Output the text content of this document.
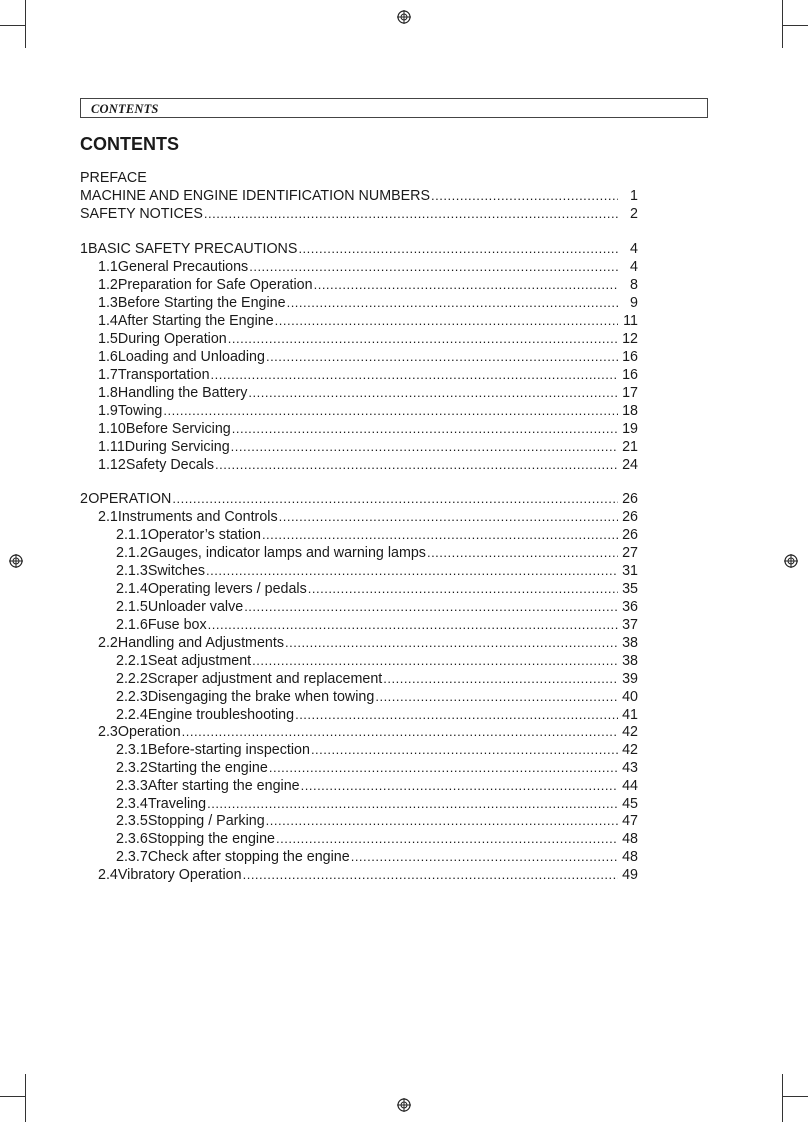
CONTENTS
CONTENTS
PREFACE
MACHINE AND ENGINE IDENTIFICATION NUMBERS .....	1
SAFETY NOTICES .....	2
1 BASIC SAFETY PRECAUTIONS .....	4
1.1 General Precautions .....	4
1.2 Preparation for Safe Operation .....	8
1.3 Before Starting the Engine .....	9
1.4 After Starting the Engine .....	11
1.5 During Operation .....	12
1.6 Loading and Unloading .....	16
1.7 Transportation .....	16
1.8 Handling the Battery .....	17
1.9 Towing .....	18
1.10 Before Servicing .....	19
1.11 During Servicing .....	21
1.12 Safety Decals .....	24
2 OPERATION .....	26
2.1 Instruments and Controls .....	26
2.1.1 Operator’s station .....	26
2.1.2 Gauges, indicator lamps and warning lamps .....	27
2.1.3 Switches .....	31
2.1.4 Operating levers / pedals .....	35
2.1.5 Unloader valve .....	36
2.1.6 Fuse box .....	37
2.2 Handling and Adjustments .....	38
2.2.1 Seat adjustment .....	38
2.2.2 Scraper adjustment and replacement .....	39
2.2.3 Disengaging the brake when towing .....	40
2.2.4 Engine troubleshooting .....	41
2.3 Operation .....	42
2.3.1 Before-starting inspection .....	42
2.3.2 Starting the engine .....	43
2.3.3 After starting the engine .....	44
2.3.4 Traveling .....	45
2.3.5 Stopping / Parking .....	47
2.3.6 Stopping the engine .....	48
2.3.7 Check after stopping the engine .....	48
2.4 Vibratory Operation .....	49
